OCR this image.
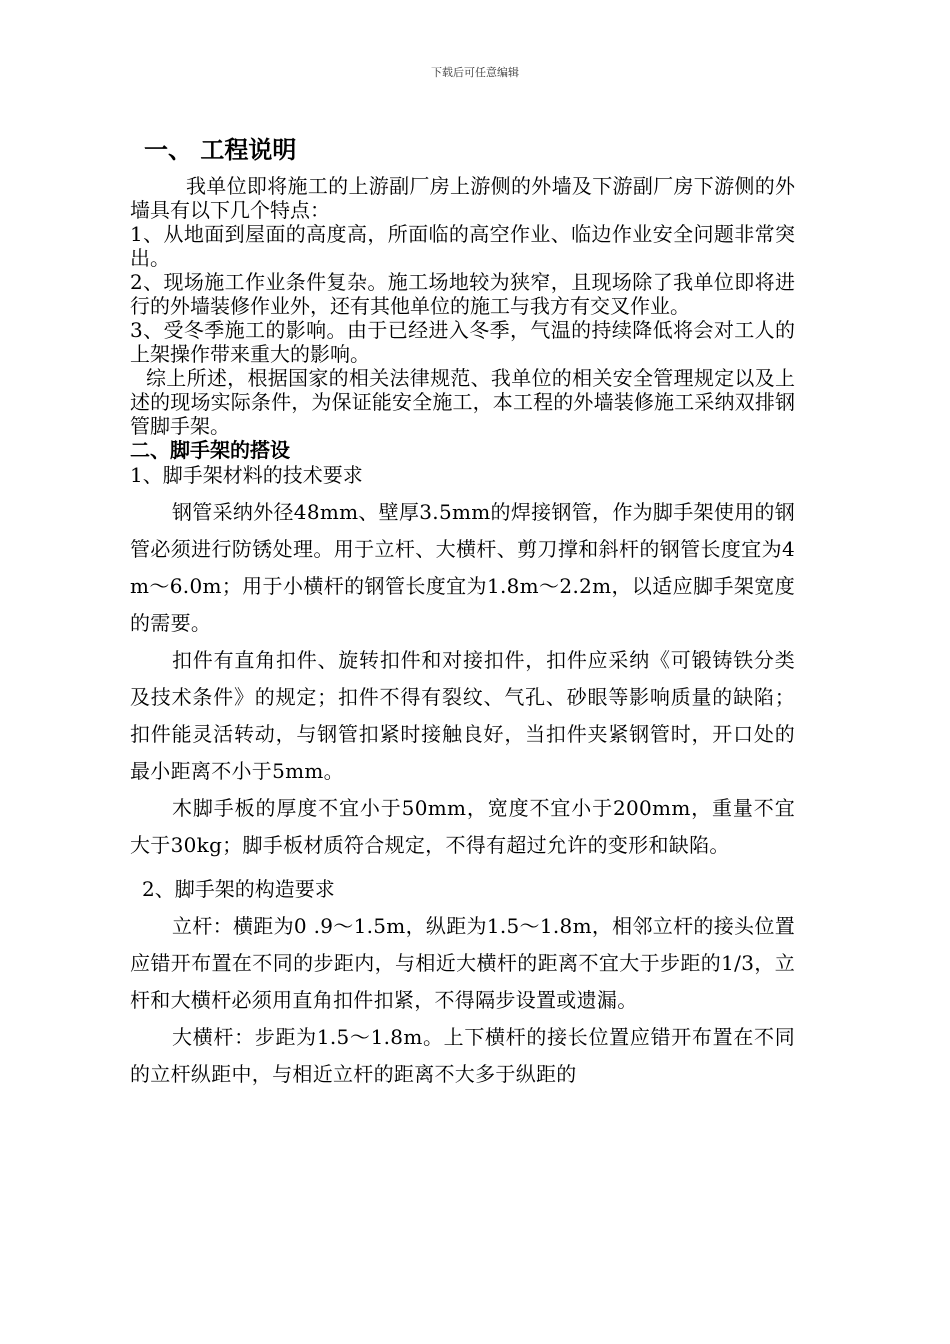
下载后可任意编辑
一、 工程说明

我单位即将施工的上游副厂房上游侧的外墙及下游副厂房下游侧的外墙具有以下几个特点：

1、从地面到屋面的高度高，所面临的高空作业、临边作业安全问题非常突出。

2、现场施工作业条件复杂。施工场地较为狭窄，且现场除了我单位即将进行的外墙装修作业外，还有其他单位的施工与我方有交叉作业。

3、受冬季施工的影响。由于已经进入冬季，气温的持续降低将会对工人的上架操作带来重大的影响。

综上所述，根据国家的相关法律规范、我单位的相关安全管理规定以及上述的现场实际条件，为保证能安全施工，本工程的外墙装修施工采纳双排钢管脚手架。

二、脚手架的搭设
1、脚手架材料的技术要求

钢管采纳外径48mm、壁厚3.5mm的焊接钢管，作为脚手架使用的钢管必须进行防锈处理。用于立杆、大横杆、剪刀撑和斜杆的钢管长度宜为4m～6.0m；用于小横杆的钢管长度宜为1.8m～2.2m，以适应脚手架宽度的需要。

扣件有直角扣件、旋转扣件和对接扣件，扣件应采纳《可锻铸铁分类及技术条件》的规定；扣件不得有裂纹、气孔、砂眼等影响质量的缺陷；扣件能灵活转动，与钢管扣紧时接触良好，当扣件夹紧钢管时，开口处的最小距离不小于5mm。

木脚手板的厚度不宜小于50mm，宽度不宜小于200mm，重量不宜大于30kg；脚手板材质符合规定，不得有超过允许的变形和缺陷。

2、脚手架的构造要求

立杆：横距为0 .9～1.5m，纵距为1.5～1.8m，相邻立杆的接头位置应错开布置在不同的步距内，与相近大横杆的距离不宜大于步距的1/3，立杆和大横杆必须用直角扣件扣紧，不得隔步设置或遗漏。

大横杆：步距为1.5～1.8m。上下横杆的接长位置应错开布置在不同的立杆纵距中，与相近立杆的距离不大多于纵距的
